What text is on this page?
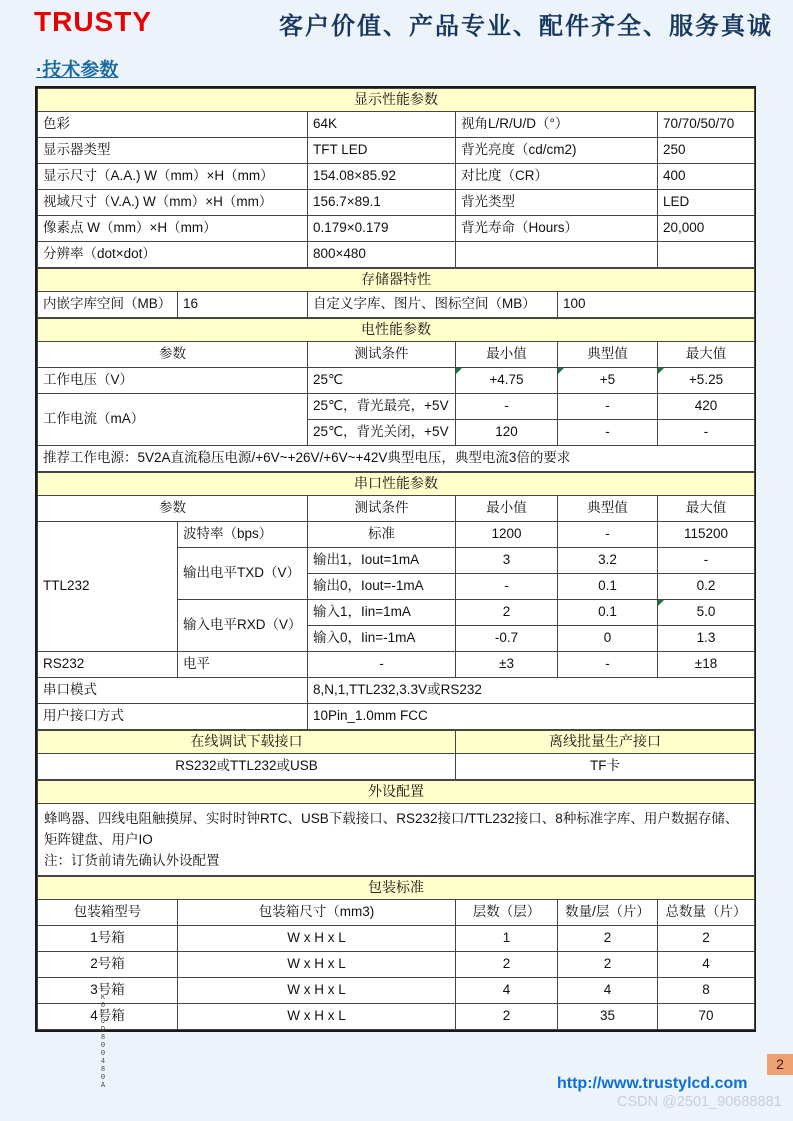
TRUSTY	客户价值、产品专业、配件齐全、服务真诚
·技术参数
显示性能参数			
色彩	64K	视角L/R/U/D（°）	70/70/50/70
显示器类型	TFT LED	背光亮度（cd/cm2)	250
显示尺寸（A.A.) W（mm）×H（mm）	154.08×85.92	对比度（CR）	400
视域尺寸（V.A.) W（mm）×H（mm）	156.7×89.1	背光类型	LED
像素点 W（mm）×H（mm）	0.179×0.179	背光寿命（Hours）	20,000
分辨率（dot×dot）	800×480		
存储器特性
内嵌字库空间（MB）	16	自定义字库、图片、图标空间（MB）	100
电性能参数				
参数	测试条件	最小值	典型值	最大值
工作电压（V）	25℃	+4.75	+5	+5.25
工作电流（mA）	25℃，背光最亮，+5V	-	-	420
	25℃，背光关闭，+5V	120	-	-
推荐工作电源：5V2A直流稳压电源/+6V~+26V/+6V~+42V典型电压，典型电流3倍的要求				
串口性能参数					
参数		测试条件	最小值	典型值	最大值
TTL232	波特率（bps）	标准	1200	-	115200
	输出电平TXD（V）	输出1，Iout=1mA	3	3.2	-
		输出0，Iout=-1mA	-	0.1	0.2
	输入电平RXD（V）	输入1，Iin=1mA	2	0.1	5.0
		输入0，Iin=-1mA	-0.7	0	1.3
RS232	电平	-	±3	-	±18
串口模式		8,N,1,TTL232,3.3V或RS232			
用户接口方式		10Pin_1.0mm FCC			
在线调试下载接口	离线批量生产接口
RS232或TTL232或USB	TF卡
外设配置

蜂鸣器、四线电阻触摸屏、实时时钟RTC、USB下载接口、RS232接口/TTL232接口、8种标准字库、用户数据存储、
矩阵键盘、用户IO
注：订货前请先确认外设配置
包装标准				
包装箱型号	包装箱尺寸（mm3)	层数（层）	数量/层（片）	总数量（片）
1号箱	W x H x L	1	2	2
2号箱	W x H x L	2	2	4
3号箱	W x H x L	4	4	8
4号箱	W x H x L	2	35	70
EK070D800480A	2
http://www.trustylcd.com
CSDN @2501_90688881
